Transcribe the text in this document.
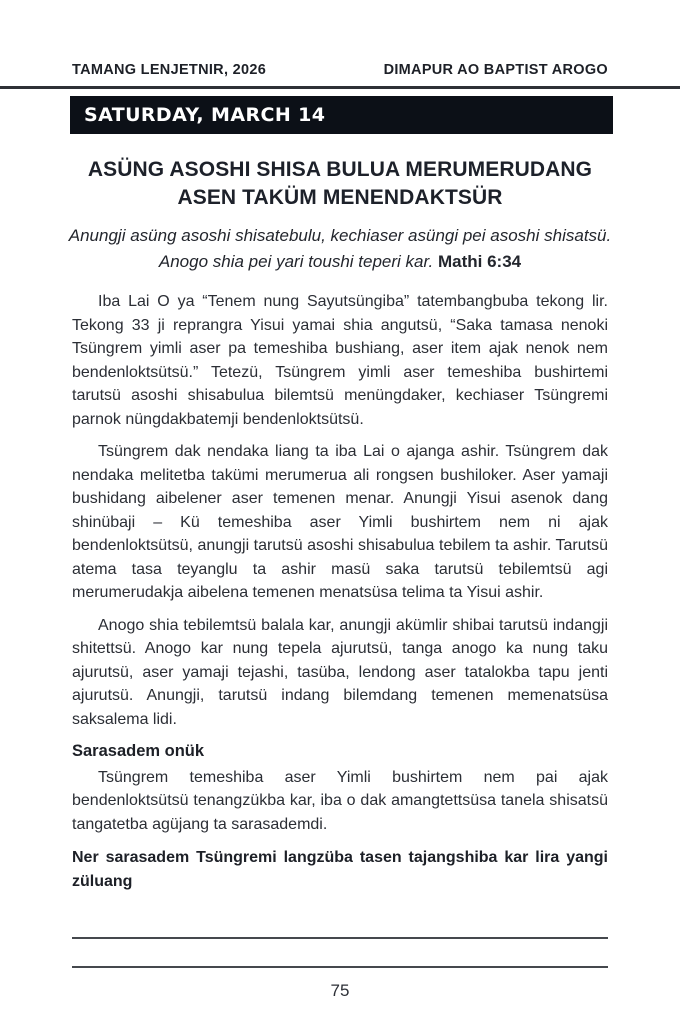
TAMANG LENJETNIR, 2026	DIMAPUR AO BAPTIST AROGO
SATURDAY, MARCH 14
ASÜNG ASOSHI SHISA BULUA MERUMERUDANG
ASEN TAKÜM MENENDAKTSÜR
Anungji asüng asoshi shisatebulu, kechiaser asüngi pei asoshi shisatsü. Anogo shia pei yari toushi teperi kar. Mathi 6:34

Iba Lai O ya “Tenem nung Sayutsüngiba” tatembangbuba tekong lir. Tekong 33 ji reprangra Yisui yamai shia angutsü, “Saka tamasa nenoki Tsüngrem yimli aser pa temeshiba bushiang, aser item ajak nenok nem bendenloktsütsü.” Tetezü, Tsüngrem yimli aser temeshiba bushirtemi tarutsü asoshi shisabulua bilemtsü menüngdaker, kechiaser Tsüngremi parnok nüngdakbatemji bendenloktsütsü.

Tsüngrem dak nendaka liang ta iba Lai o ajanga ashir. Tsüngrem dak nendaka melitetba takümi merumerua ali rongsen bushiloker. Aser yamaji bushidang aibelener aser temenen menar. Anungji Yisui asenok dang shinübaji – Kü temeshiba aser Yimli bushirtem nem ni ajak bendenloktsütsü, anungji tarutsü asoshi shisabulua tebilem ta ashir. Tarutsü atema tasa teyanglu ta ashir masü saka tarutsü tebilemtsü agi merumerudakja aibelena temenen menatsüsa telima ta Yisui ashir.

Anogo shia tebilemtsü balala kar, anungji akümlir shibai tarutsü indangji shitettsü. Anogo kar nung tepela ajurutsü, tanga anogo ka nung taku ajurutsü, aser yamaji tejashi, tasüba, lendong aser tatalokba tapu jenti ajurutsü. Anungji, tarutsü indang bilemdang temenen memenatsüsa saksalema lidi.

Sarasadem onük

Tsüngrem temeshiba aser Yimli bushirtem nem pai ajak bendenloktsütsü tenangzükba kar, iba o dak amangtettsüsa tanela shisatsü tangatetba agüjang ta sarasademdi.

Ner sarasadem Tsüngremi langzüba tasen tajangshiba kar lira yangi züluang

75
